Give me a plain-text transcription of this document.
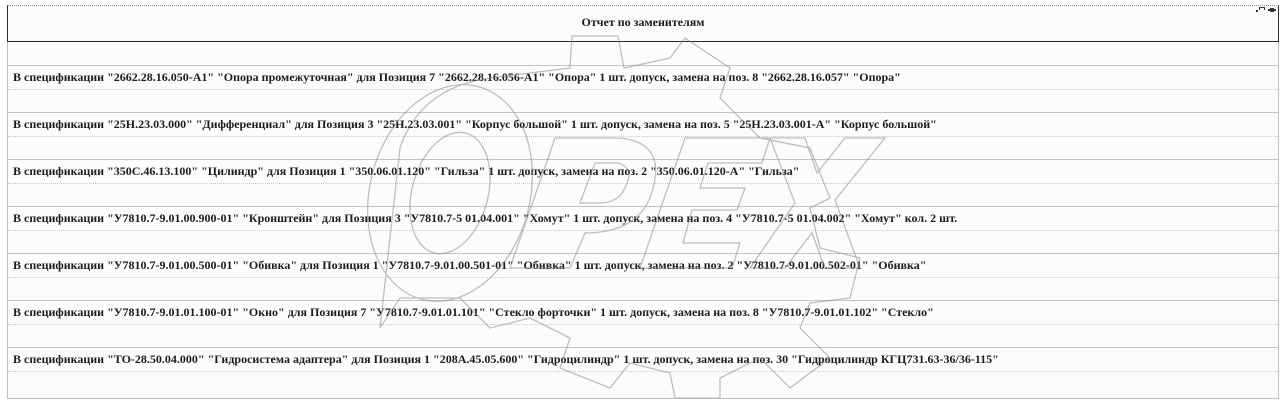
Отчет по заменителям
В спецификации "2662.28.16.050-А1" "Опора промежуточная" для Позиция 7 "2662.28.16.056-А1" "Опора" 1 шт. допуск, замена на поз. 8 "2662.28.16.057" "Опора"
В спецификации "25Н.23.03.000" "Дифференциал" для Позиция 3 "25Н.23.03.001" "Корпус большой" 1 шт. допуск, замена на поз. 5 "25Н.23.03.001-А" "Корпус большой"
В спецификации "350С.46.13.100" "Цилиндр" для Позиция 1 "350.06.01.120" "Гильза" 1 шт. допуск, замена на поз. 2 "350.06.01.120-А" "Гильза"
В спецификации "У7810.7-9.01.00.900-01" "Кронштейн" для Позиция 3 "У7810.7-5 01.04.001" "Хомут" 1 шт. допуск, замена на поз. 4 "У7810.7-5 01.04.002" "Хомут" кол. 2 шт.
В спецификации "У7810.7-9.01.00.500-01" "Обивка" для Позиция 1 "У7810.7-9.01.00.501-01" "Обивка" 1 шт. допуск, замена на поз. 2 "У7810.7-9.01.00.502-01" "Обивка"
В спецификации "У7810.7-9.01.01.100-01" "Окно" для Позиция 7 "У7810.7-9.01.01.101" "Стекло форточки" 1 шт. допуск, замена на поз. 8 "У7810.7-9.01.01.102" "Стекло"
В спецификации "ТО-28.50.04.000" "Гидросистема адаптера" для Позиция 1 "208А.45.05.600" "Гидроцилиндр" 1 шт. допуск, замена на поз. 30 "Гидроцилиндр КГЦ731.63-36/36-115"
